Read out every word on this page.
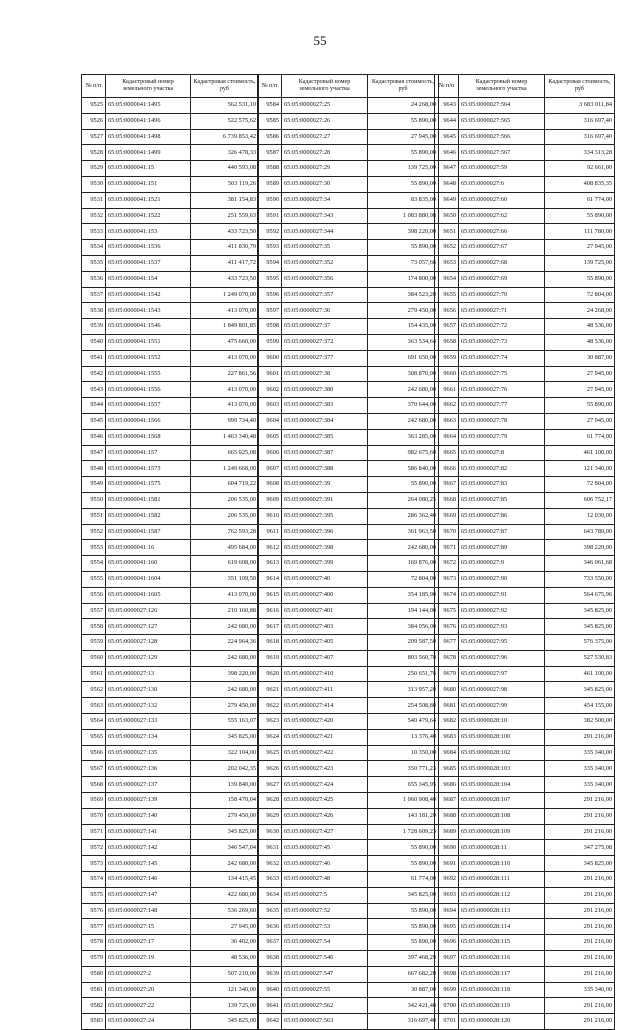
55
№ п/п	Кадастровый номер земельного участка	Кадастровая стоимость, руб
9525	65:05:0000041:1495	562 531,10
9526	65:05:0000041:1496	522 575,62
9527	65:05:0000041:1498	6 739 853,42
9528	65:05:0000041:1499	326 478,33
9529	65:05:0000041:15	440 593,08
9530	65:05:0000041:151	503 119,26
9531	65:05:0000041:1521	381 154,83
9532	65:05:0000041:1522	251 559,63
9533	65:05:0000041:153	433 723,50
9534	65:05:0000041:1536	411 830,79
9535	65:05:0000041:1537	411 417,72
9536	65:05:0000041:154	433 723,50
9537	65:05:0000041:1542	1 249 070,00
9538	65:05:0000041:1543	413 070,00
9539	65:05:0000041:1546	1 849 801,85
9540	65:05:0000041:1551	475 660,00
9541	65:05:0000041:1552	413 070,00
9542	65:05:0000041:1555	227 861,56
9543	65:05:0000041:1556	413 070,00
9544	65:05:0000041:1557	413 070,00
9545	65:05:0000041:1566	999 734,40
9546	65:05:0000041:1568	1 463 340,48
9547	65:05:0000041:157	665 925,08
9548	65:05:0000041:1573	1 249 668,00
9549	65:05:0000041:1575	604 719,22
9550	65:05:0000041:1581	206 535,00
9551	65:05:0000041:1582	206 535,00
9552	65:05:0000041:1587	762 593,28
9553	65:05:0000041:16	495 684,00
9554	65:05:0000041:160	619 608,00
9555	65:05:0000041:1604	351 109,50
9556	65:05:0000041:1605	413 070,00
9557	65:05:0000027:126	210 160,88
9558	65:05:0000027:127	242 680,00
9559	65:05:0000027:128	224 964,36
9560	65:05:0000027:129	242 680,00
9561	65:05:0000027:13	398 220,00
9562	65:05:0000027:130	242 680,00
9563	65:05:0000027:132	279 450,00
9564	65:05:0000027:133	555 163,07
9565	65:05:0000027:134	345 825,00
9566	65:05:0000027:135	322 104,00
9567	65:05:0000027:136	202 042,35
9568	65:05:0000027:137	139 840,00
9569	65:05:0000027:139	158 470,04
9570	65:05:0000027:140	279 450,00
9571	65:05:0000027:141	345 825,00
9572	65:05:0000027:142	346 547,04
9573	65:05:0000027:145	242 680,00
9574	65:05:0000027:146	134 415,45
9575	65:05:0000027:147	422 680,00
9576	65:05:0000027:148	536 269,60
9577	65:05:0000027:15	27 945,00
9578	65:05:0000027:17	36 402,00
9579	65:05:0000027:19	48 536,00
9580	65:05:0000027:2	507 210,00
9581	65:05:0000027:20	121 340,00
9582	65:05:0000027:22	139 725,00
9583	65:05:0000027:24	345 825,00
№ п/п	Кадастровый номер земельного участка	Кадастровая стоимость, руб
9584	65:05:0000027:25	24 268,00
9585	65:05:0000027:26	55 890,00
9586	65:05:0000027:27	27 945,00
9587	65:05:0000027:28	55 890,00
9588	65:05:0000027:29	139 725,00
9589	65:05:0000027:30	55 890,00
9590	65:05:0000027:34	83 835,00
9591	65:05:0000027:343	1 083 880,98
9592	65:05:0000027:344	398 220,00
9593	65:05:0000027:35	55 890,00
9594	65:05:0000027:352	73 057,66
9595	65:05:0000027:356	174 800,00
9596	65:05:0000027:357	384 523,20
9597	65:05:0000027:36	279 450,00
9598	65:05:0000027:37	154 435,00
9599	65:05:0000027:372	363 534,64
9600	65:05:0000027:377	691 650,00
9601	65:05:0000027:38	308 870,00
9602	65:05:0000027:380	242 680,00
9603	65:05:0000027:383	370 644,00
9604	65:05:0000027:384	242 680,00
9605	65:05:0000027:385	363 285,00
9606	65:05:0000027:387	982 675,60
9607	65:05:0000027:388	586 840,00
9608	65:05:0000027:39	55 890,00
9609	65:05:0000027:391	264 080,25
9610	65:05:0000027:395	286 362,40
9611	65:05:0000027:396	361 963,50
9612	65:05:0000027:398	242 680,00
9613	65:05:0000027:399	169 876,00
9614	65:05:0000027:40	72 804,00
9615	65:05:0000027:400	354 185,90
9616	65:05:0000027:401	194 144,00
9617	65:05:0000027:403	384 056,00
9618	65:05:0000027:405	209 587,50
9619	65:05:0000027:407	803 560,78
9620	65:05:0000027:410	250 651,76
9621	65:05:0000027:411	313 957,20
9622	65:05:0000027:414	254 508,80
9623	65:05:0000027:420	540 479,64
9624	65:05:0000027:421	13 376,40
9625	65:05:0000027:422	10 350,00
9626	65:05:0000027:423	350 771,23
9627	65:05:0000027:424	655 345,95
9628	65:05:0000027:425	1 060 908,40
9629	65:05:0000027:426	143 181,20
9630	65:05:0000027:427	1 728 609,23
9631	65:05:0000027:45	55 890,00
9632	65:05:0000027:46	55 890,00
9633	65:05:0000027:48	61 774,00
9634	65:05:0000027:5	345 825,00
9635	65:05:0000027:52	55 890,00
9636	65:05:0000027:53	55 890,00
9637	65:05:0000027:54	55 890,00
9638	65:05:0000027:546	397 468,29
9639	65:05:0000027:547	667 682,20
9640	65:05:0000027:55	30 887,00
9641	65:05:0000027:562	342 421,48
9642	65:05:0000027:563	316 697,40
№ п/п	Кадастровый номер земельного участка	Кадастровая стоимость, руб
9643	65:05:0000027:564	3 683 011,84
9644	65:05:0000027:565	316 697,40
9645	65:05:0000027:566	316 697,40
9646	65:05:0000027:567	334 313,28
9647	65:05:0000027:59	92 661,00
9648	65:05:0000027:6	408 835,35
9649	65:05:0000027:60	61 774,00
9650	65:05:0000027:62	55 890,00
9651	65:05:0000027:66	111 780,00
9652	65:05:0000027:67	27 945,00
9653	65:05:0000027:68	139 725,00
9654	65:05:0000027:69	55 890,00
9655	65:05:0000027:70	72 804,00
9656	65:05:0000027:71	24 268,00
9657	65:05:0000027:72	48 536,00
9658	65:05:0000027:73	48 536,00
9659	65:05:0000027:74	30 887,00
9660	65:05:0000027:75	27 945,00
9661	65:05:0000027:76	27 945,00
9662	65:05:0000027:77	55 890,00
9663	65:05:0000027:78	27 945,00
9664	65:05:0000027:79	61 774,00
9665	65:05:0000027:8	461 100,00
9666	65:05:0000027:82	121 340,00
9667	65:05:0000027:83	72 804,00
9668	65:05:0000027:85	606 752,17
9669	65:05:0000027:86	12 030,00
9670	65:05:0000027:87	643 789,00
9671	65:05:0000027:89	398 220,00
9672	65:05:0000027:9	346 061,68
9673	65:05:0000027:90	733 550,00
9674	65:05:0000027:91	564 675,96
9675	65:05:0000027:92	345 825,00
9676	65:05:0000027:93	345 825,00
9677	65:05:0000027:95	576 375,00
9678	65:05:0000027:96	527 530,83
9679	65:05:0000027:97	461 100,00
9680	65:05:0000027:98	345 825,00
9681	65:05:0000027:99	454 155,00
9682	65:05:0000028:10	382 500,00
9683	65:05:0000028:100	291 216,00
9684	65:05:0000028:102	335 340,00
9685	65:05:0000028:103	335 340,00
9686	65:05:0000028:104	335 340,00
9687	65:05:0000028:107	291 216,00
9688	65:05:0000028:108	291 216,00
9689	65:05:0000028:109	291 216,00
9690	65:05:0000028:11	347 275,08
9691	65:05:0000028:110	345 825,00
9692	65:05:0000028:111	291 216,00
9693	65:05:0000028:112	291 216,00
9694	65:05:0000028:113	291 216,00
9695	65:05:0000028:114	291 216,00
9696	65:05:0000028:115	291 216,00
9697	65:05:0000028:116	291 216,00
9698	65:05:0000028:117	291 216,00
9699	65:05:0000028:118	335 340,00
9700	65:05:0000028:119	291 216,00
9701	65:05:0000028:120	291 216,00
